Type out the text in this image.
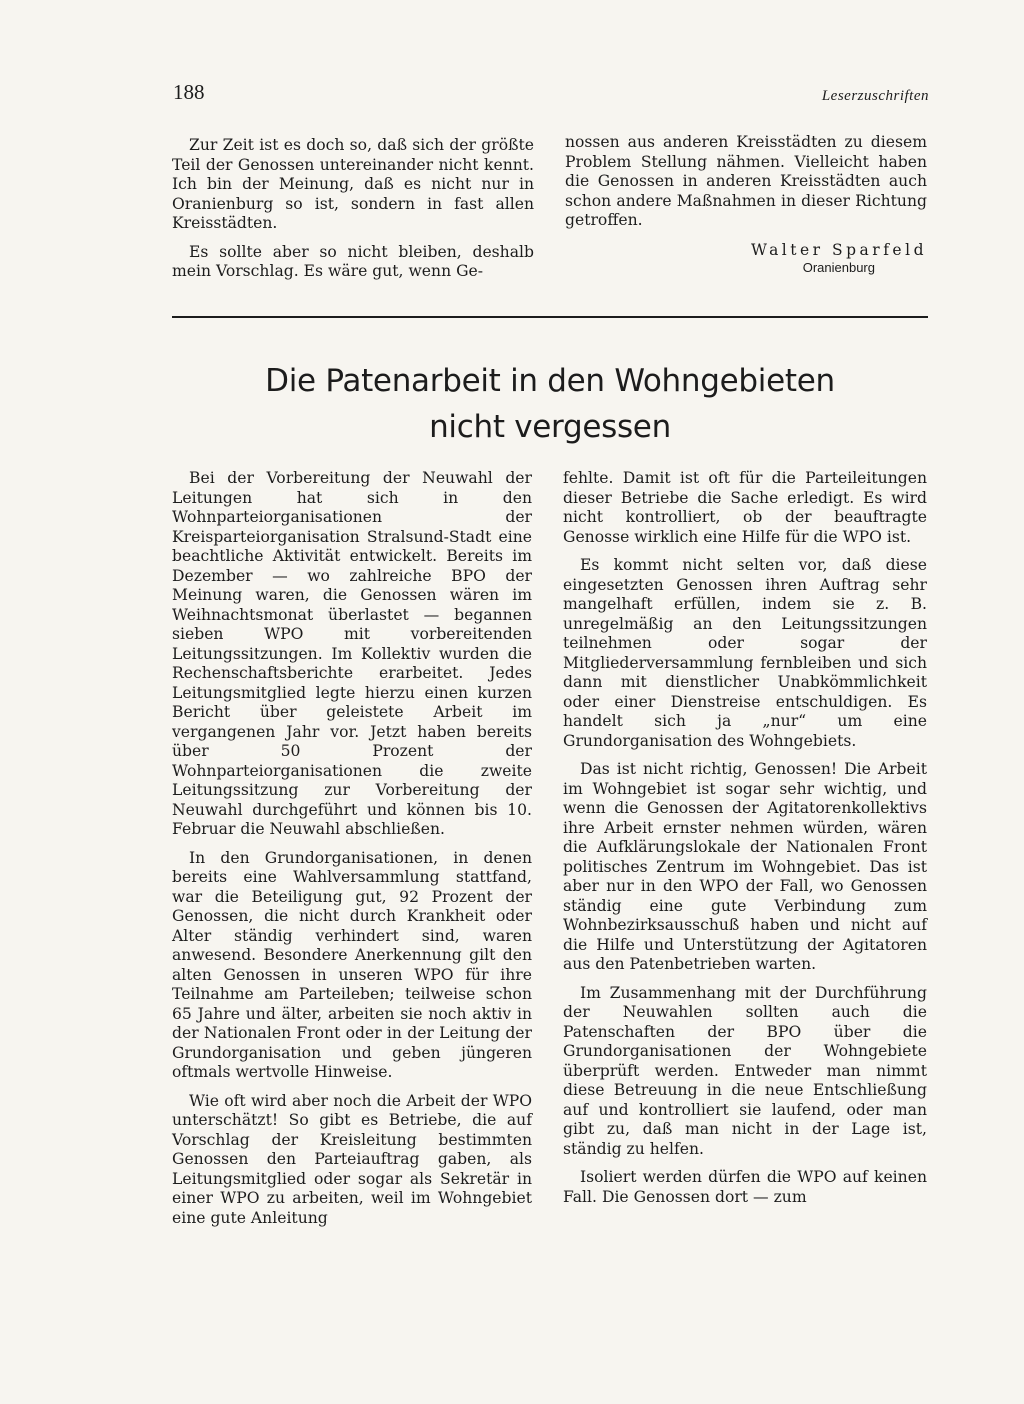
188	Leserzuschriften

Zur Zeit ist es doch so, daß sich der größte Teil der Genossen untereinander nicht kennt. Ich bin der Meinung, daß es nicht nur in Oranienburg so ist, sondern in fast allen Kreisstädten.

Es sollte aber so nicht bleiben, deshalb mein Vorschlag. Es wäre gut, wenn Ge-

nossen aus anderen Kreisstädten zu diesem Problem Stellung nähmen. Vielleicht haben die Genossen in anderen Kreisstädten auch schon andere Maßnahmen in dieser Richtung getroffen.

Walter Sparfeld
Oranienburg
Die Patenarbeit in den Wohngebieten
nicht vergessen

Bei der Vorbereitung der Neuwahl der Leitungen hat sich in den Wohnparteiorganisationen der Kreisparteiorganisation Stralsund-Stadt eine beachtliche Aktivität entwickelt. Bereits im Dezember — wo zahlreiche BPO der Meinung waren, die Genossen wären im Weihnachtsmonat überlastet — begannen sieben WPO mit vorbereitenden Leitungssitzungen. Im Kollektiv wurden die Rechenschaftsberichte erarbeitet. Jedes Leitungsmitglied legte hierzu einen kurzen Bericht über geleistete Arbeit im vergangenen Jahr vor. Jetzt haben bereits über 50 Prozent der Wohnparteiorganisationen die zweite Leitungssitzung zur Vorbereitung der Neuwahl durchgeführt und können bis 10. Februar die Neuwahl abschließen.

In den Grundorganisationen, in denen bereits eine Wahlversammlung stattfand, war die Beteiligung gut, 92 Prozent der Genossen, die nicht durch Krankheit oder Alter ständig verhindert sind, waren anwesend. Besondere Anerkennung gilt den alten Genossen in unseren WPO für ihre Teilnahme am Parteileben; teilweise schon 65 Jahre und älter, arbeiten sie noch aktiv in der Nationalen Front oder in der Leitung der Grundorganisation und geben jüngeren oftmals wertvolle Hinweise.

Wie oft wird aber noch die Arbeit der WPO unterschätzt! So gibt es Betriebe, die auf Vorschlag der Kreisleitung bestimmten Genossen den Parteiauftrag gaben, als Leitungsmitglied oder sogar als Sekretär in einer WPO zu arbeiten, weil im Wohngebiet eine gute Anleitung

fehlte. Damit ist oft für die Parteileitungen dieser Betriebe die Sache erledigt. Es wird nicht kontrolliert, ob der beauftragte Genosse wirklich eine Hilfe für die WPO ist.

Es kommt nicht selten vor, daß diese eingesetzten Genossen ihren Auftrag sehr mangelhaft erfüllen, indem sie z. B. unregelmäßig an den Leitungssitzungen teilnehmen oder sogar der Mitgliederversammlung fernbleiben und sich dann mit dienstlicher Unabkömmlichkeit oder einer Dienstreise entschuldigen. Es handelt sich ja „nur“ um eine Grundorganisation des Wohngebiets.

Das ist nicht richtig, Genossen! Die Arbeit im Wohngebiet ist sogar sehr wichtig, und wenn die Genossen der Agitatorenkollektivs ihre Arbeit ernster nehmen würden, wären die Aufklärungslokale der Nationalen Front politisches Zentrum im Wohngebiet. Das ist aber nur in den WPO der Fall, wo Genossen ständig eine gute Verbindung zum Wohnbezirksausschuß haben und nicht auf die Hilfe und Unterstützung der Agitatoren aus den Patenbetrieben warten.

Im Zusammenhang mit der Durchführung der Neuwahlen sollten auch die Patenschaften der BPO über die Grundorganisationen der Wohngebiete überprüft werden. Entweder man nimmt diese Betreuung in die neue Entschließung auf und kontrolliert sie laufend, oder man gibt zu, daß man nicht in der Lage ist, ständig zu helfen.

Isoliert werden dürfen die WPO auf keinen Fall. Die Genossen dort — zum
